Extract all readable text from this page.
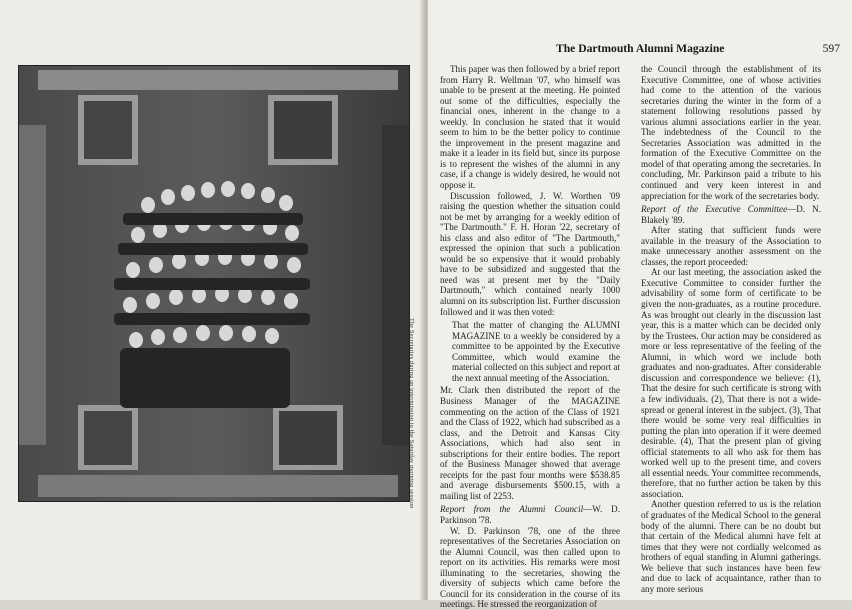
The Secretaries during an intermission in the Saturday morning session
The Dartmouth Alumni Magazine	597

This paper was then followed by a brief report from Harry R. Wellman '07, who himself was unable to be present at the meeting. He pointed out some of the difficulties, especially the financial ones, inherent in the change to a weekly. In conclusion he stated that it would seem to him to be the better policy to continue the improvement in the present magazine and make it a leader in its field but, since its purpose is to represent the wishes of the alumni in any case, if a change is widely desired, he would not oppose it.

Discussion followed, J. W. Worthen '09 raising the question whether the situation could not be met by arranging for a weekly edition of "The Dartmouth." F. H. Horan '22, secretary of his class and also editor of "The Dartmouth," expressed the opinion that such a publication would be so expensive that it would probably have to be subsidized and suggested that the need was at present met by the "Daily Dartmouth," which contained nearly 1000 alumni on its subscription list. Further discussion followed and it was then voted:

That the matter of changing the ALUMNI MAGAZINE to a weekly be considered by a committee to be appointed by the Executive Committee, which would examine the material collected on this subject and report at the next annual meeting of the Association.

Mr. Clark then distributed the report of the Business Manager of the MAGAZINE commenting on the action of the Class of 1921 and the Class of 1922, which had subscribed as a class, and the Detroit and Kansas City Associations, which had also sent in subscriptions for their entire bodies. The report of the Business Manager showed that average receipts for the past four months were $538.85 and average disbursements $500.15, with a mailing list of 2253.

Report from the Alumni Council—W. D. Parkinson '78.

W. D. Parkinson '78, one of the three representatives of the Secretaries Association on the Alumni Council, was then called upon to report on its activities. His remarks were most illuminating to the secretaries, showing the diversity of subjects which came before the Council for its consideration in the course of its meetings. He stressed the reorganization of

the Council through the establishment of its Executive Committee, one of whose activities had come to the attention of the various secretaries during the winter in the form of a statement following resolutions passed by various alumni associations earlier in the year. The indebtedness of the Council to the Secretaries Association was admitted in the formation of the Executive Committee on the model of that operating among the secretaries. In concluding, Mr. Parkinson paid a tribute to his continued and very keen interest in and appreciation for the work of the secretaries body.

Report of the Executive Committee—D. N. Blakely '89.

After stating that sufficient funds were available in the treasury of the Association to make unnecessary another assessment on the classes, the report proceeded:

At our last meeting, the association asked the Executive Committee to consider further the advisability of some form of certificate to be given the non-graduates, as a routine procedure. As was brought out clearly in the discussion last year, this is a matter which can be decided only by the Trustees. Our action may be considered as more or less representative of the feeling of the Alumni, in which word we include both graduates and non-graduates. After considerable discussion and correspondence we believe: (1), That the desire for such certificate is strong with a few individuals. (2), That there is not a wide-spread or general interest in the subject. (3), That there would be some very real difficulties in putting the plan into operation if it were deemed desirable. (4), That the present plan of giving official statements to all who ask for them has worked well up to the present time, and covers all essential needs. Your committee recommends, therefore, that no further action be taken by this association.

Another question referred to us is the relation of graduates of the Medical School to the general body of the alumni. There can be no doubt but that certain of the Medical alumni have felt at times that they were not cordially welcomed as brothers of equal standing in Alumni gatherings. We believe that such instances have been few and due to lack of acquaintance, rather than to any more serious
